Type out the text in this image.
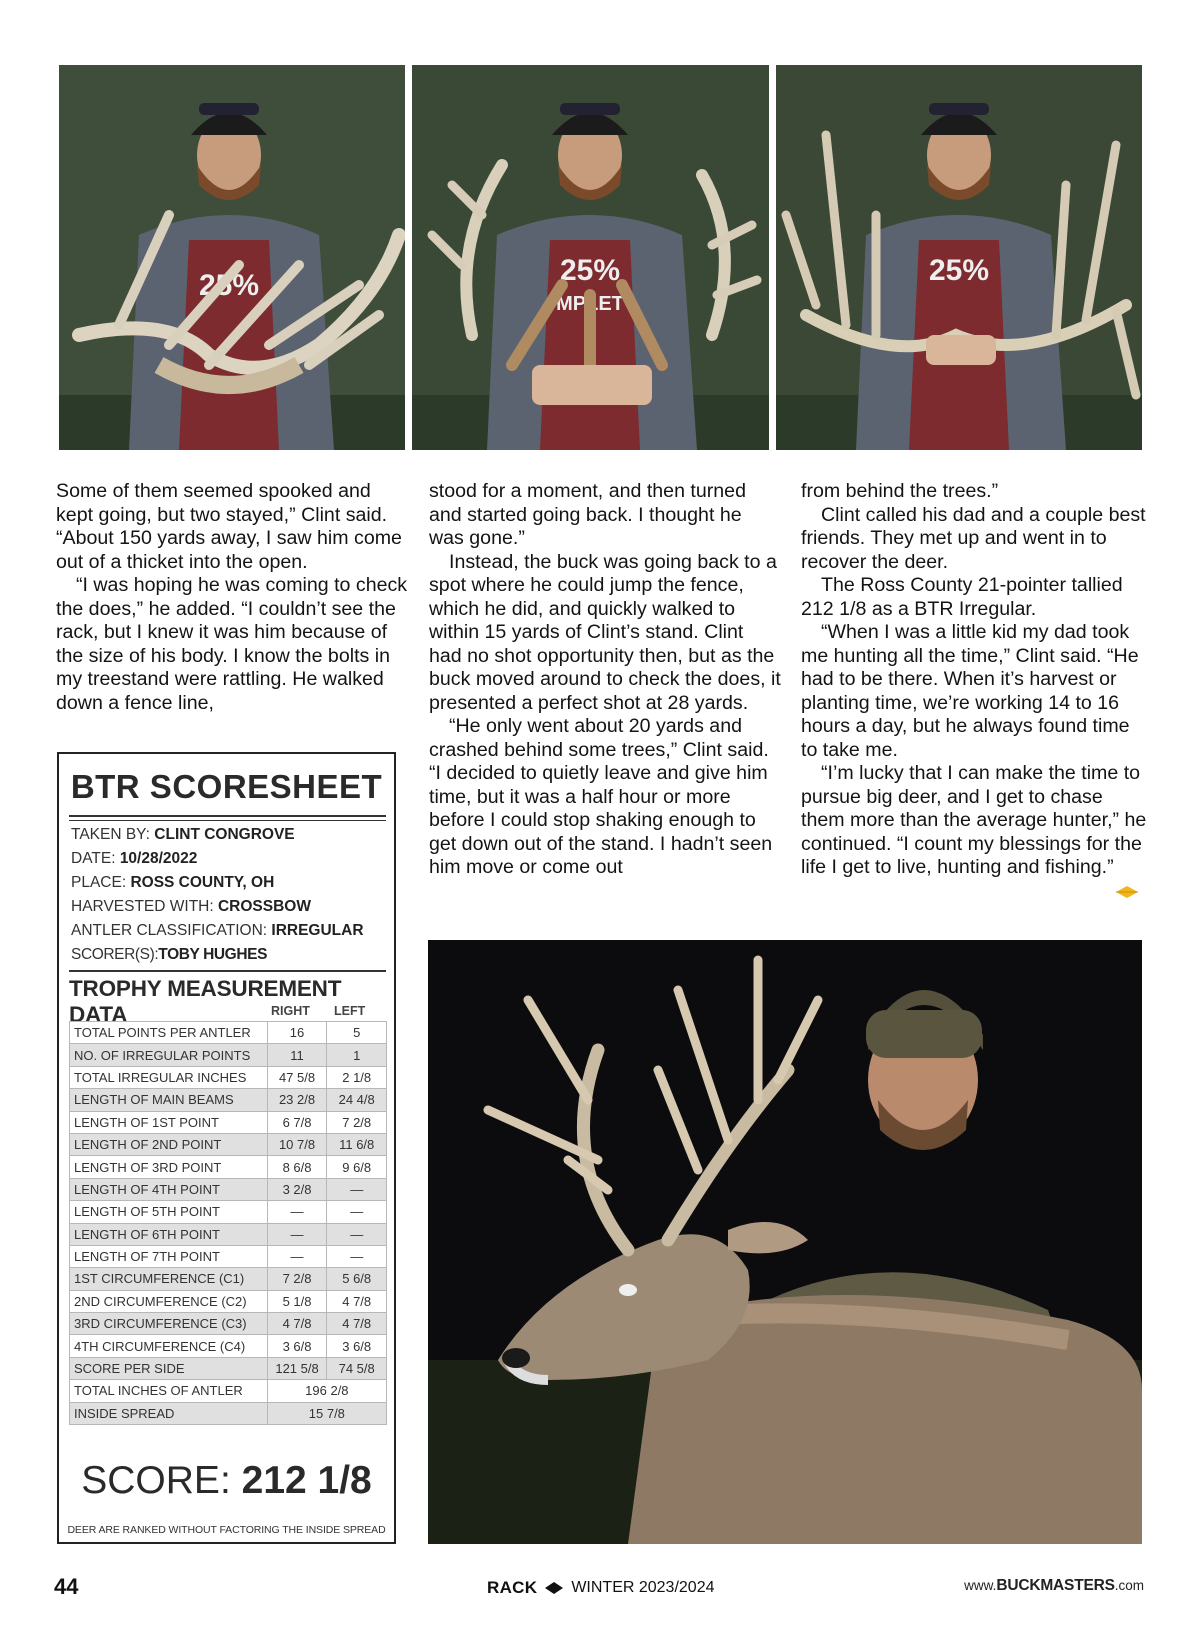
25%	25%
MPLET
25%

Some of them seemed spooked and kept going, but two stayed,” Clint said. “About 150 yards away, I saw him come out of a thicket into the open.

“I was hoping he was coming to check the does,” he added. “I couldn’t see the rack, but I knew it was him because of the size of his body. I know the bolts in my treestand were rattling. He walked down a fence line,

stood for a moment, and then turned and started going back. I thought he was gone.”

Instead, the buck was going back to a spot where he could jump the fence, which he did, and quickly walked to within 15 yards of Clint’s stand. Clint had no shot opportunity then, but as the buck moved around to check the does, it presented a perfect shot at 28 yards.

“He only went about 20 yards and crashed behind some trees,” Clint said. “I decided to quietly leave and give him time, but it was a half hour or more before I could stop shaking enough to get down out of the stand. I hadn’t seen him move or come out

from behind the trees.”

Clint called his dad and a couple best friends. They met up and went in to recover the deer.

The Ross County 21-pointer tallied 212 1/8 as a BTR Irregular.

“When I was a little kid my dad took me hunting all the time,” Clint said. “He had to be there. When it’s harvest or planting time, we’re working 14 to 16 hours a day, but he always found time to take me.

“I’m lucky that I can make the time to pursue big deer, and I get to chase them more than the average hunter,” he continued. “I count my blessings for the life I get to live, hunting and fishing.”

BTR SCORESHEET
TAKEN BY: CLINT CONGROVE
DATE: 10/28/2022
PLACE: ROSS COUNTY, OH
HARVESTED WITH: CROSSBOW
ANTLER CLASSIFICATION: IRREGULAR
SCORER(S):TOBY HUGHES
TROPHY MEASUREMENT DATA	RIGHT LEFT
TOTAL POINTS PER ANTLER	16	5
NO. OF IRREGULAR POINTS	11	1
TOTAL IRREGULAR INCHES	47 5/8	2 1/8
LENGTH OF MAIN BEAMS	23 2/8	24 4/8
LENGTH OF 1ST POINT	6 7/8	7 2/8
LENGTH OF 2ND POINT	10 7/8	11 6/8
LENGTH OF 3RD POINT	8 6/8	9 6/8
LENGTH OF 4TH POINT	3 2/8	—
LENGTH OF 5TH POINT	—	—
LENGTH OF 6TH POINT	—	—
LENGTH OF 7TH POINT	—	—
1ST CIRCUMFERENCE (C1)	7 2/8	5 6/8
2ND CIRCUMFERENCE (C2)	5 1/8	4 7/8
3RD CIRCUMFERENCE (C3)	4 7/8	4 7/8
4TH CIRCUMFERENCE (C4)	3 6/8	3 6/8
SCORE PER SIDE	121 5/8	74 5/8
TOTAL INCHES OF ANTLER	196 2/8	
INSIDE SPREAD	15 7/8	
SCORE: 212 1/8
DEER ARE RANKED WITHOUT FACTORING THE INSIDE SPREAD
44	RACK WINTER 2023/2024	www.BUCKMASTERS.com
